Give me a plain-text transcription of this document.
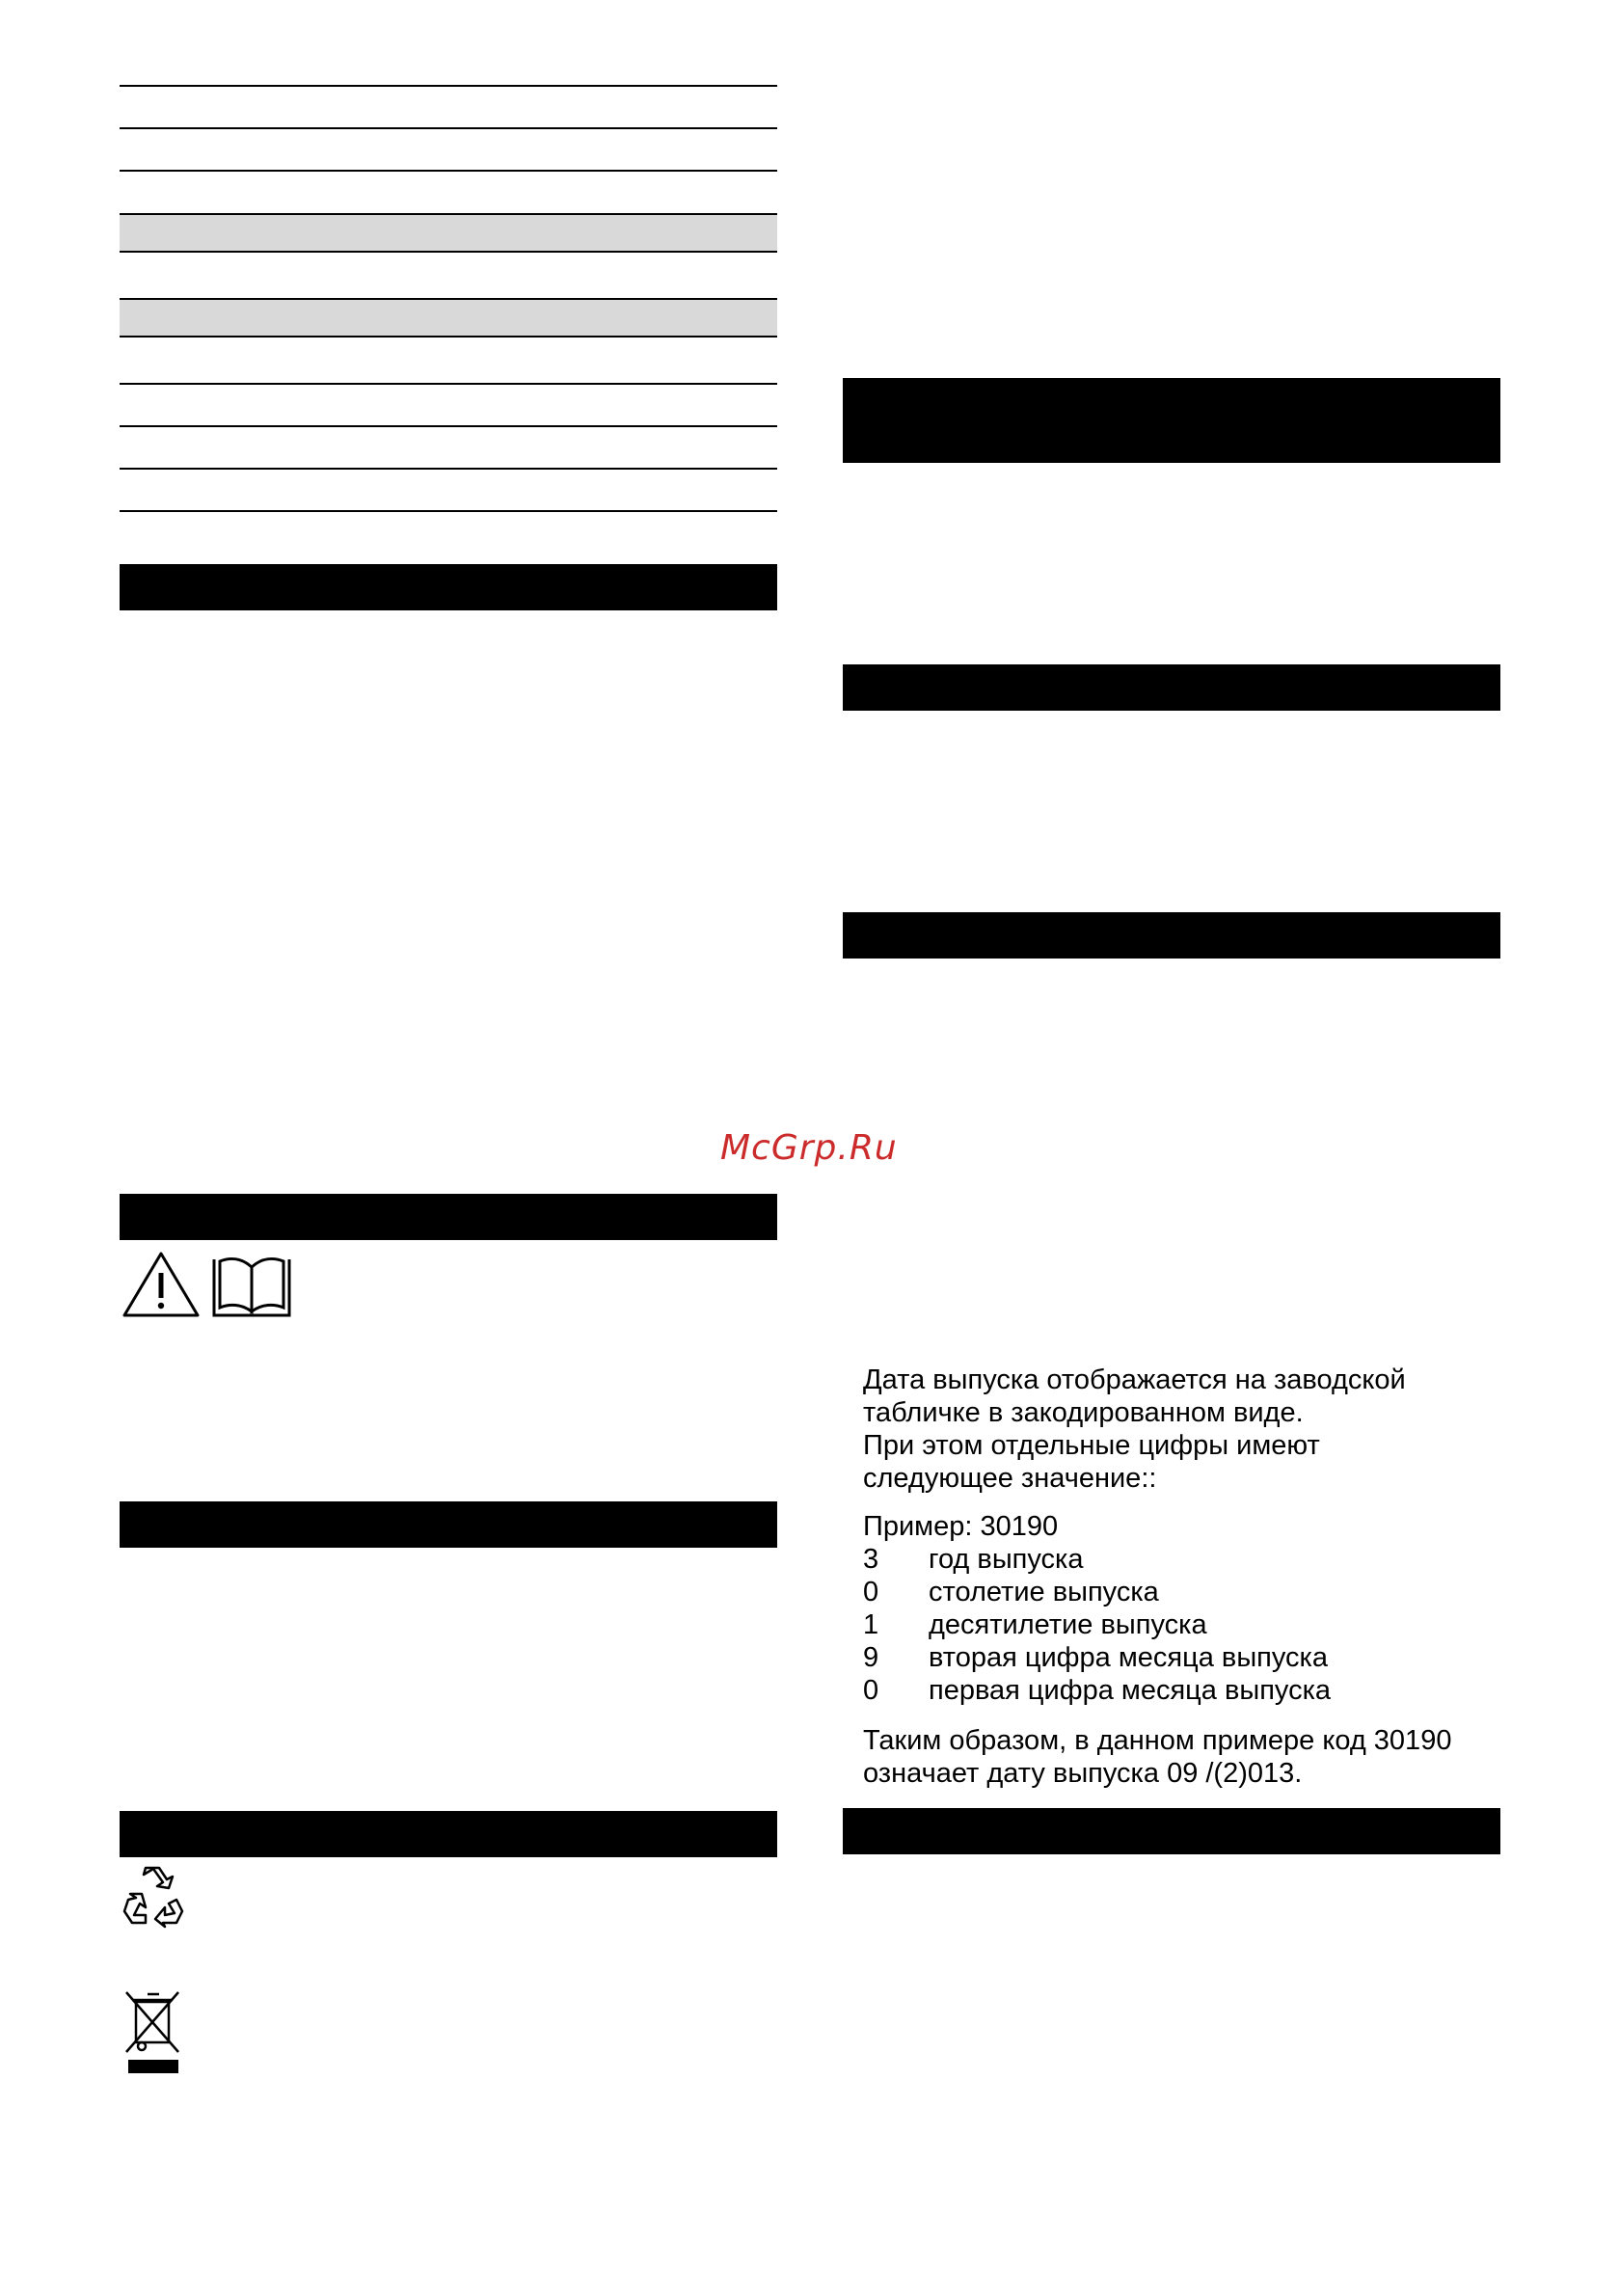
McGrp.Ru
Дата выпуска отображается на заводской
табличке в закодированном виде.
При этом отдельные цифры имеют
следующее значение::
Пример: 30190
3 год выпуска
0 столетие выпуска
1 десятилетие выпуска
9 вторая цифра месяца выпуска
0 первая цифра месяца выпуска
Таким образом, в данном примере код 30190
означает дату выпуска 09 /(2)013.
